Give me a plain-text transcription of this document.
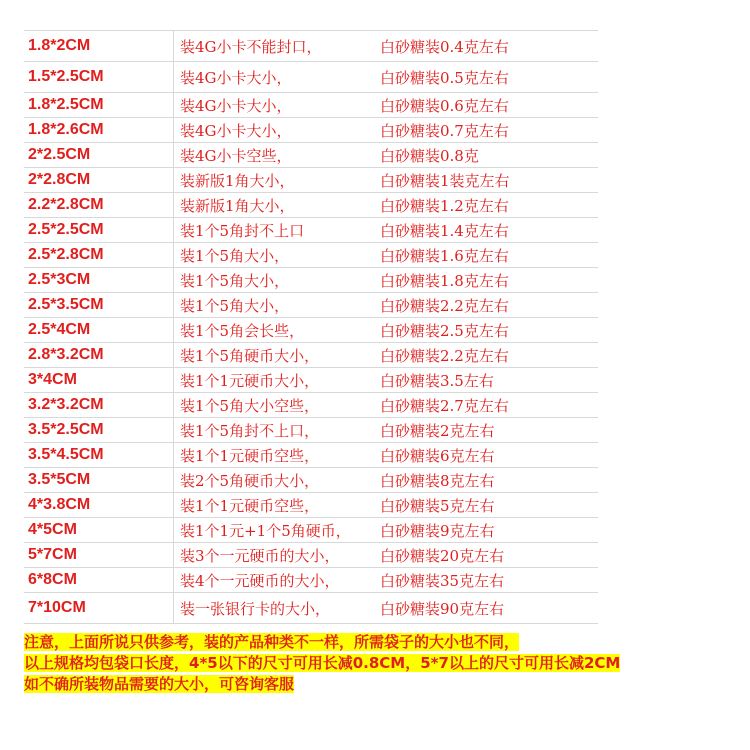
1.8*2CM	装4G小卡不能封口，	白砂糖装0.4克左右
1.5*2.5CM	装4G小卡大小，	白砂糖装0.5克左右
1.8*2.5CM	装4G小卡大小，	白砂糖装0.6克左右
1.8*2.6CM	装4G小卡大小，	白砂糖装0.7克左右
2*2.5CM	装4G小卡空些，	白砂糖装0.8克
2*2.8CM	装新版1角大小，	白砂糖装1装克左右
2.2*2.8CM	装新版1角大小，	白砂糖装1.2克左右
2.5*2.5CM	装1个5角封不上口	白砂糖装1.4克左右
2.5*2.8CM	装1个5角大小，	白砂糖装1.6克左右
2.5*3CM	装1个5角大小，	白砂糖装1.8克左右
2.5*3.5CM	装1个5角大小，	白砂糖装2.2克左右
2.5*4CM	装1个5角会长些，	白砂糖装2.5克左右
2.8*3.2CM	装1个5角硬币大小，	白砂糖装2.2克左右
3*4CM	装1个1元硬币大小，	白砂糖装3.5左右
3.2*3.2CM	装1个5角大小空些，	白砂糖装2.7克左右
3.5*2.5CM	装1个5角封不上口，	白砂糖装2克左右
3.5*4.5CM	装1个1元硬币空些，	白砂糖装6克左右
3.5*5CM	装2个5角硬币大小，	白砂糖装8克左右
4*3.8CM	装1个1元硬币空些，	白砂糖装5克左右
4*5CM	装1个1元+1个5角硬币，	白砂糖装9克左右
5*7CM	装3个一元硬币的大小，	白砂糖装20克左右
6*8CM	装4个一元硬币的大小，	白砂糖装35克左右
7*10CM	装一张银行卡的大小，	白砂糖装90克左右
注意，上面所说只供参考，装的产品种类不一样，所需袋子的大小也不同，
以上规格均包袋口长度，4*5以下的尺寸可用长减0.8CM，5*7以上的尺寸可用长减2CM
如不确所装物品需要的大小，可咨询客服
